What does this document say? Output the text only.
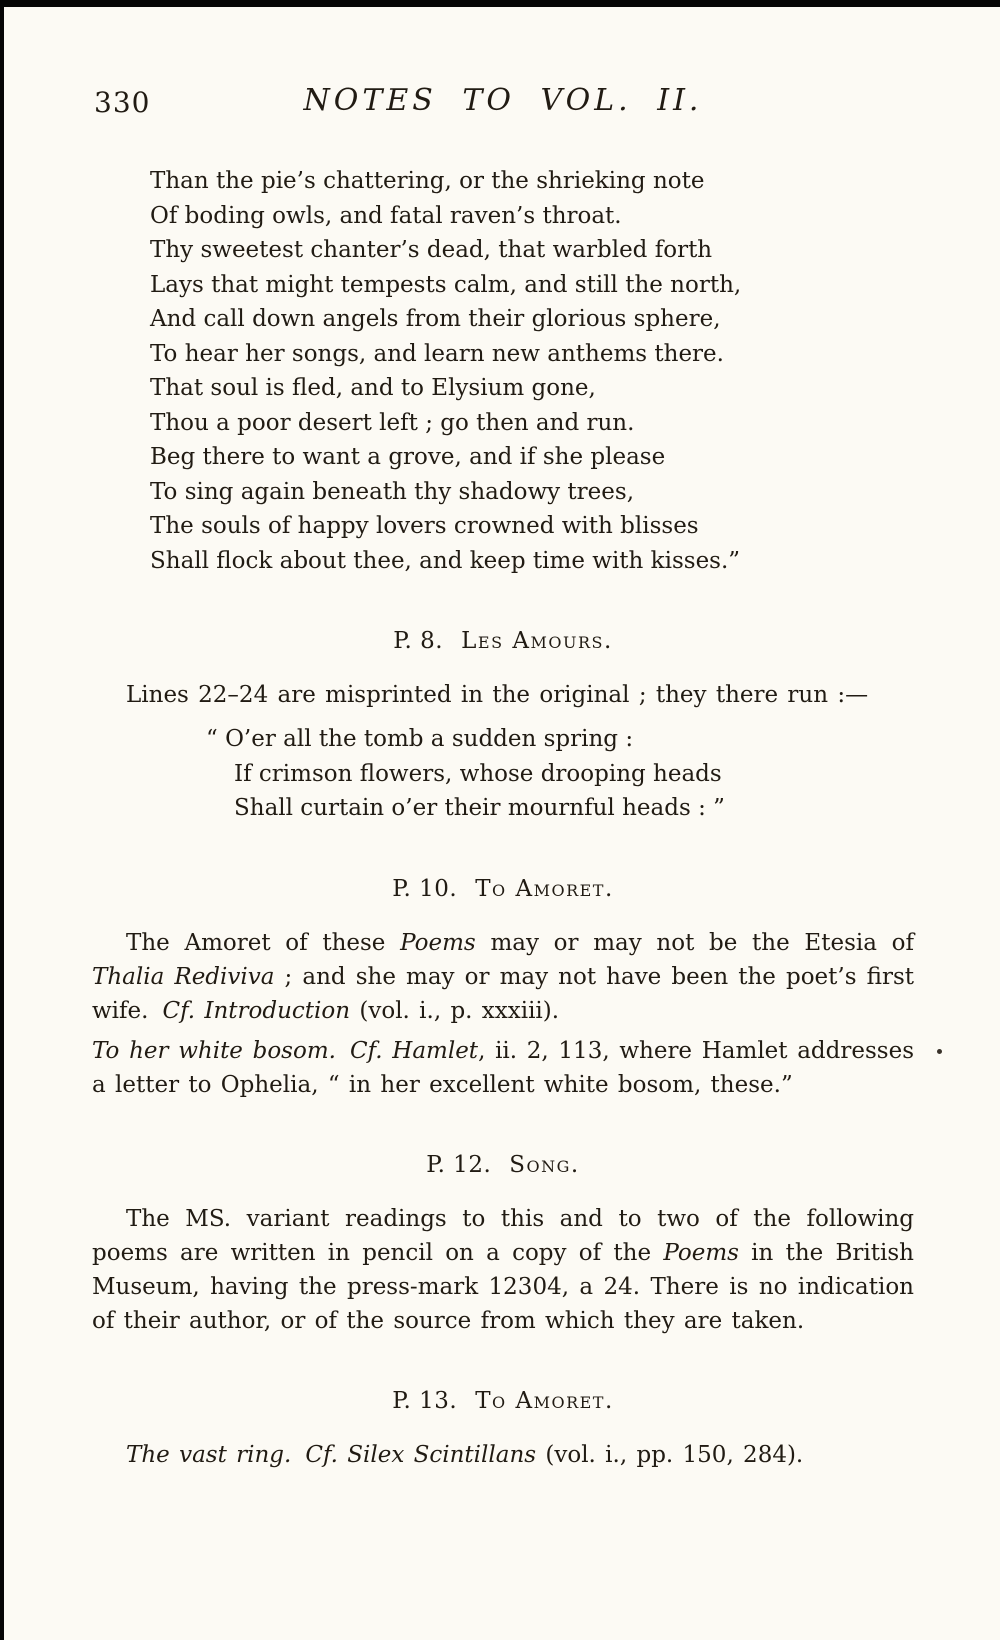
330	NOTES TO VOL. II.
Than the pie’s chattering, or the shrieking note
Of boding owls, and fatal raven’s throat.
Thy sweetest chanter’s dead, that warbled forth
Lays that might tempests calm, and still the north,
And call down angels from their glorious sphere,
To hear her songs, and learn new anthems there.
That soul is fled, and to Elysium gone,
Thou a poor desert left ; go then and run.
Beg there to want a grove, and if she please
To sing again beneath thy shadowy trees,
The souls of happy lovers crowned with blisses
Shall flock about thee, and keep time with kisses.”
P. 8. Les Amours.

Lines 22–24 are misprinted in the original ; they there run :—

“ O’er all the tomb a sudden spring :
If crimson flowers, whose drooping heads
Shall curtain o’er their mournful heads : ”
P. 10. To Amoret.

The Amoret of these Poems may or may not be the Etesia of Thalia Rediviva ; and she may or may not have been the poet’s first wife. Cf. Introduction (vol. i., p. xxxiii).

To her white bosom. Cf. Hamlet, ii. 2, 113, where Hamlet addresses a letter to Ophelia, “ in her excellent white bosom, these.”

P. 12. Song.

The MS. variant readings to this and to two of the following poems are written in pencil on a copy of the Poems in the British Museum, having the press-mark 12304, a 24. There is no indication of their author, or of the source from which they are taken.

P. 13. To Amoret.

The vast ring. Cf. Silex Scintillans (vol. i., pp. 150, 284).
